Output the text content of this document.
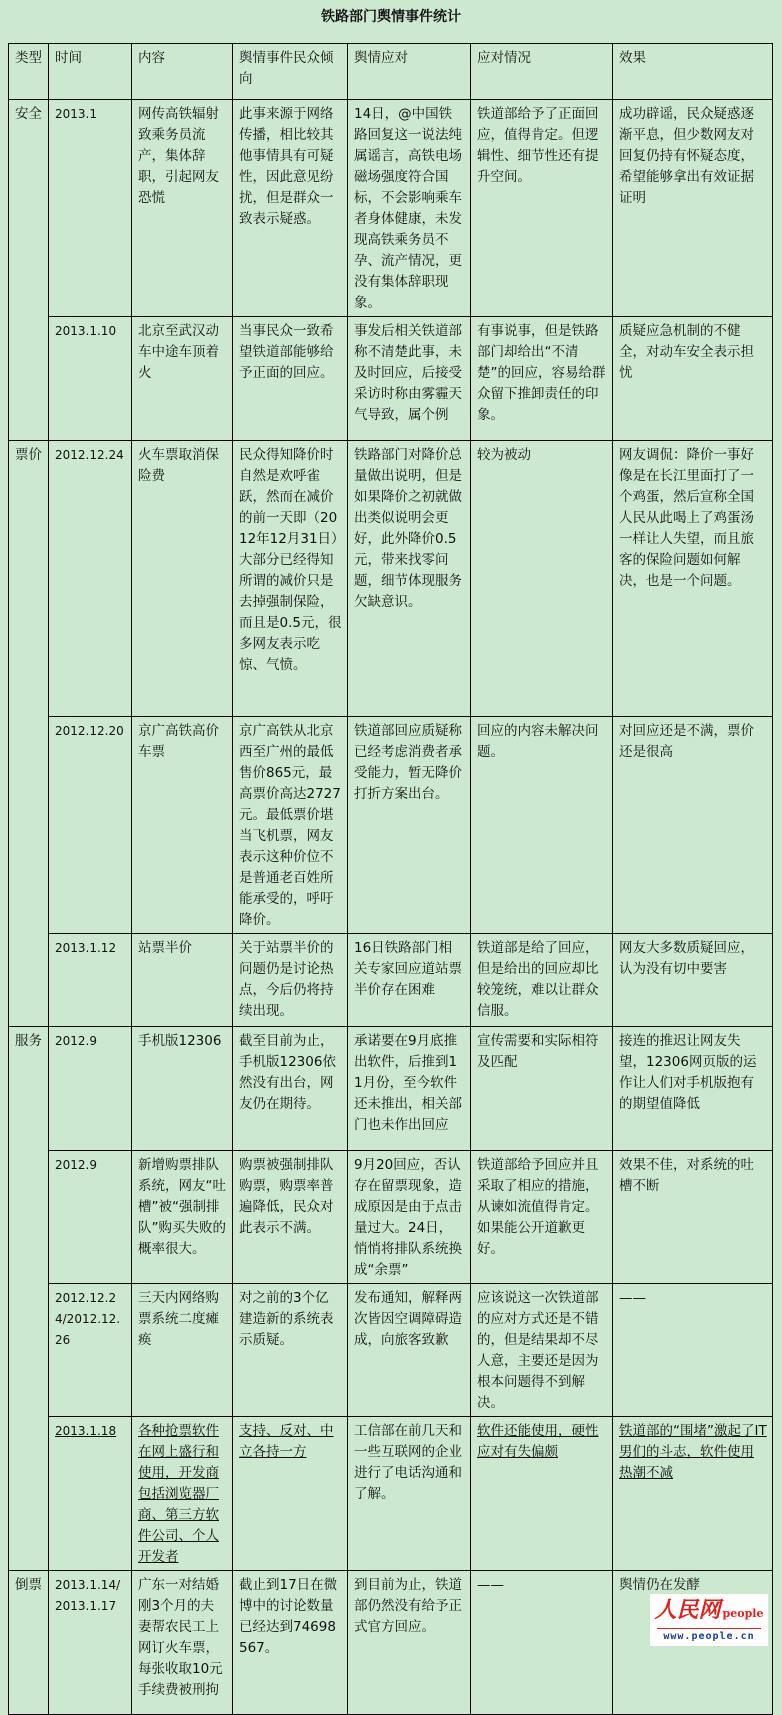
铁路部门舆情事件统计
类型	时间	内容	舆情事件民众倾向	舆情应对	应对情况	效果
安全	2013.1	网传高铁辐射致乘务员流产，集体辞职，引起网友恐慌	此事来源于网络传播，相比较其他事情具有可疑性，因此意见纷扰，但是群众一致表示疑惑。	14日，@中国铁路回复这一说法纯属谣言，高铁电场磁场强度符合国标，不会影响乘车者身体健康，未发现高铁乘务员不孕、流产情况，更没有集体辞职现象。	铁道部给予了正面回应，值得肯定。但逻辑性、细节性还有提升空间。	成功辟谣，民众疑惑逐渐平息，但少数网友对回复仍持有怀疑态度，希望能够拿出有效证据证明
	2013.1.10	北京至武汉动车中途车顶着火	当事民众一致希望铁道部能够给予正面的回应。	事发后相关铁道部称不清楚此事，未及时回应，后接受采访时称由雾霾天气导致，属个例	有事说事，但是铁路部门却给出“不清楚”的回应，容易给群众留下推卸责任的印象。	质疑应急机制的不健全，对动车安全表示担忧
票价	2012.12.24	火车票取消保险费	民众得知降价时自然是欢呼雀跃，然而在减价的前一天即（2012年12月31日）大部分已经得知所谓的减价只是去掉强制保险，而且是0.5元，很多网友表示吃惊、气愤。	铁路部门对降价总量做出说明，但是如果降价之初就做出类似说明会更好，此外降价0.5元，带来找零问题，细节体现服务欠缺意识。	较为被动	网友调侃：降价一事好像是在长江里面打了一个鸡蛋，然后宣称全国人民从此喝上了鸡蛋汤一样让人失望，而且旅客的保险问题如何解决，也是一个问题。
	2012.12.20	京广高铁高价车票	京广高铁从北京西至广州的最低售价865元，最高票价高达2727元。最低票价堪当飞机票，网友表示这种价位不是普通老百姓所能承受的，呼吁降价。	铁道部回应质疑称已经考虑消费者承受能力，暂无降价打折方案出台。	回应的内容未解决问题。	对回应还是不满，票价还是很高
	2013.1.12	站票半价	关于站票半价的问题仍是讨论热点，今后仍将持续出现。	16日铁路部门相关专家回应道站票半价存在困难	铁道部是给了回应，但是给出的回应却比较笼统，难以让群众信服。	网友大多数质疑回应，认为没有切中要害
服务	2012.9	手机版12306	截至目前为止，手机版12306依然没有出台，网友仍在期待。	承诺要在9月底推出软件，后推到11月份，至今软件还未推出，相关部门也未作出回应	宣传需要和实际相符及匹配	接连的推迟让网友失望，12306网页版的运作让人们对手机版抱有的期望值降低
	2012.9	新增购票排队系统，网友“吐槽”被“强制排队”购买失败的概率很大。	购票被强制排队购票，购票率普遍降低，民众对此表示不满。	9月20回应，否认存在留票现象，造成原因是由于点击量过大。24日，悄悄将排队系统换成“余票”	铁道部给予回应并且采取了相应的措施，从谏如流值得肯定。如果能公开道歉更好。	效果不佳，对系统的吐槽不断
	2012.12.24/2012.12.26	三天内网络购票系统二度瘫痪	对之前的3个亿建造新的系统表示质疑。	发布通知，解释两次皆因空调障碍造成，向旅客致歉	应该说这一次铁道部的应对方式还是不错的，但是结果却不尽人意，主要还是因为根本问题得不到解决。	——
	2013.1.18	各种抢票软件在网上盛行和使用，开发商包括浏览器厂商、第三方软件公司、个人开发者	支持、反对、中立各持一方	工信部在前几天和一些互联网的企业进行了电话沟通和了解。	软件还能使用，硬性应对有失偏颇	铁道部的“围堵”激起了IT男们的斗志，软件使用热潮不减
倒票	2013.1.14/2013.1.17	广东一对结婚刚3个月的夫妻帮农民工上网订火车票，每张收取10元手续费被刑拘	截止到17日在微博中的讨论数量已经达到74698567。	到目前为止，铁道部仍然没有给予正式官方回应。	——	舆情仍在发酵
人民网 people
www.people.cn
